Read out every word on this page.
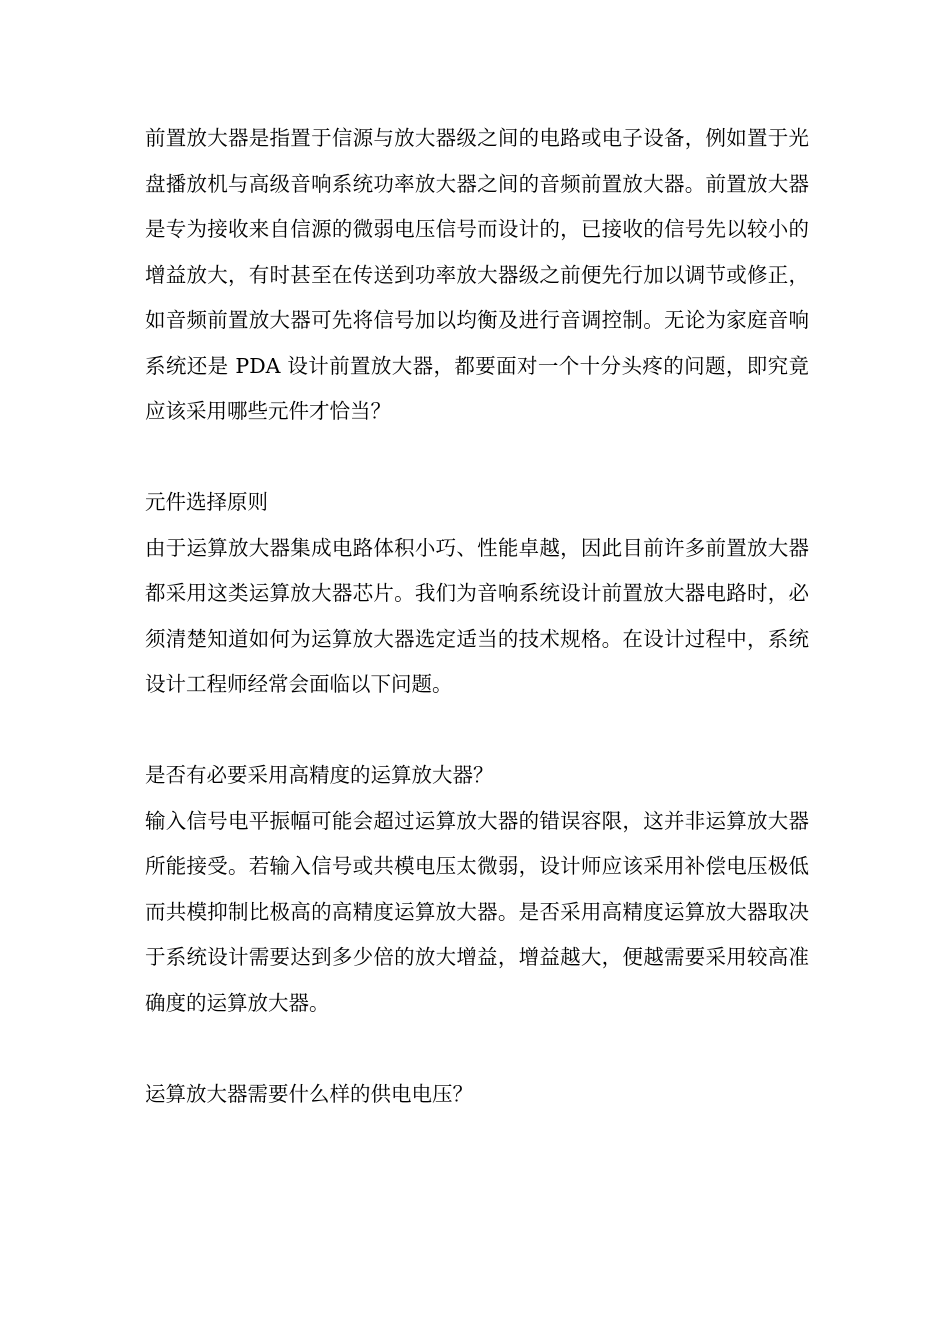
前置放大器是指置于信源与放大器级之间的电路或电子设备，例如置于光盘播放机与高级音响系统功率放大器之间的音频前置放大器。前置放大器是专为接收来自信源的微弱电压信号而设计的，已接收的信号先以较小的增益放大，有时甚至在传送到功率放大器级之前便先行加以调节或修正，如音频前置放大器可先将信号加以均衡及进行音调控制。无论为家庭音响系统还是 PDA 设计前置放大器，都要面对一个十分头疼的问题，即究竟应该采用哪些元件才恰当？

元件选择原则

由于运算放大器集成电路体积小巧、性能卓越，因此目前许多前置放大器都采用这类运算放大器芯片。我们为音响系统设计前置放大器电路时，必须清楚知道如何为运算放大器选定适当的技术规格。在设计过程中，系统设计工程师经常会面临以下问题。

是否有必要采用高精度的运算放大器？

输入信号电平振幅可能会超过运算放大器的错误容限，这并非运算放大器所能接受。若输入信号或共模电压太微弱，设计师应该采用补偿电压极低而共模抑制比极高的高精度运算放大器。是否采用高精度运算放大器取决于系统设计需要达到多少倍的放大增益，增益越大，便越需要采用较高准确度的运算放大器。

运算放大器需要什么样的供电电压？
